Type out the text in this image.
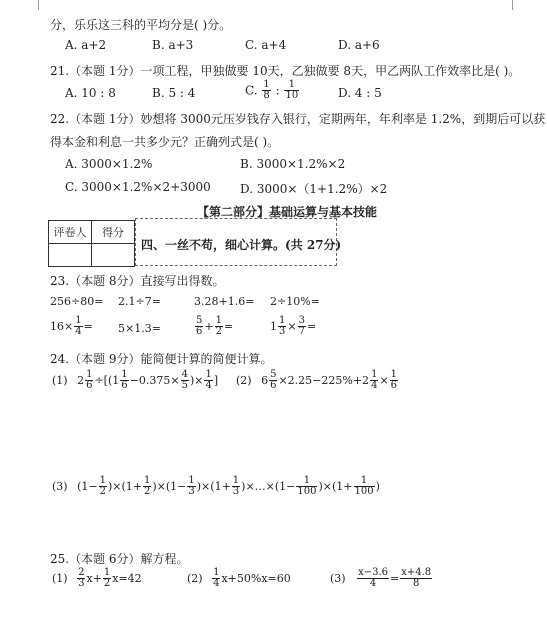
分，乐乐这三科的平均分是( )分。
A. a+2	B. a+3	C. a+4	D. a+6
21.（本题 1分）一项工程，甲独做要 10天，乙独做要 8天，甲乙两队工作效率比是( )。
A. 10 : 8	B. 5 : 4	C. $\frac{1}{8}$ : $\frac{1}{10}$	D. 4 : 5
22.（本题 1分）妙想将 3000元压岁钱存入银行，定期两年，年利率是 1.2%，到期后可以获
得本金和利息一共多少元？正确列式是( )。
A. 3000×1.2%	B. 3000×1.2%×2
C. 3000×1.2%×2+3000 D. 3000×（1+1.2%）×2
【第二部分】基础运算与基本技能
评卷人	得分

四、一丝不苟，细心计算。(共 27分)
23.（本题 8分）直接写出得数。
256÷80= 2.1÷7=	3.28+1.6= 2÷10%=
$16\times \frac{1}{4} = 5\times 1.3=$	$\frac{5}{6} + \frac{1}{2}$ =	$1 \frac{1}{3} \times \frac{3}{7}$ =
24.（本题 9分）能简便计算的简便计算。
(1) $2 \frac{1}{6} \div[(1 \frac{1}{6} -0.375\times \frac{4}{5}$ )× $\frac{1}{4}$ ] (2) $6 \frac{5}{6} \times 2.25-225\%+2 \frac{1}{4} \times \frac{1}{6}$
(3) $(1- \frac{1}{2} )\times(1+ \frac{1}{2} )\times(1- \frac{1}{3} )\times(1+ \frac{1}{3}$ )×…×(1− $\frac{1}{100} )\times(1+ \frac{1}{100}$ )
25.（本题 6分）解方程。
$(1) \frac{2}{3} x+ \frac{1}{2} x=42$	$(2) \frac{1}{4} x+50\%x=60$	$(3) \frac{x-3.6}{4} = \frac{x+4.8}{8}$
